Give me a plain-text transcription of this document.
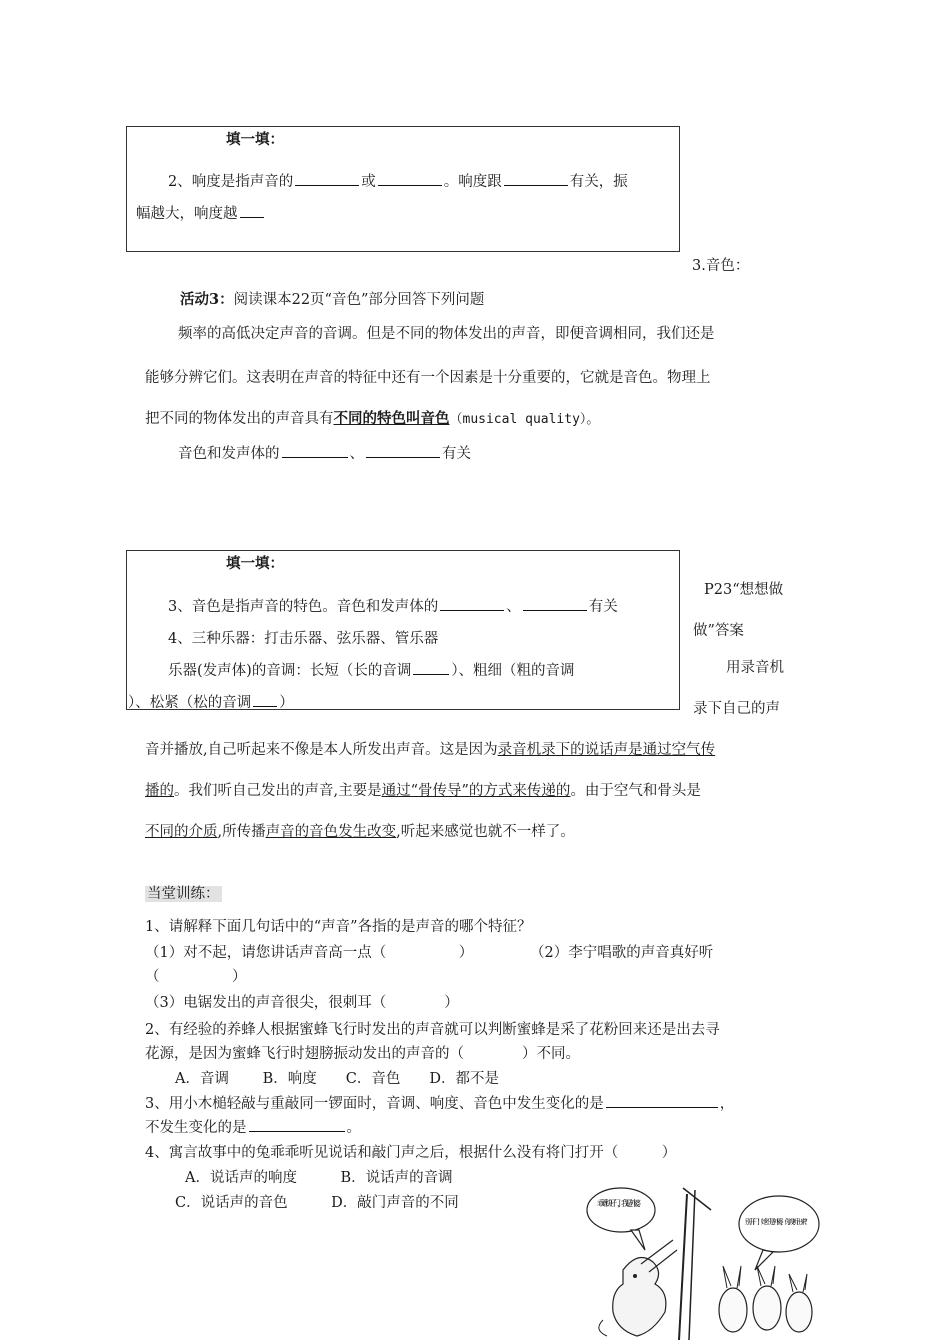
填一填：
2、响度是指声音的	或	。响度跟	有关，振
幅越大，响度越
3.音色：
活动3：阅读课本22页“音色”部分回答下列问题
频率的高低决定声音的音调。但是不同的物体发出的声音，即便音调相同，我们还是
能够分辨它们。这表明在声音的特征中还有一个因素是十分重要的，它就是音色。物理上
把不同的物体发出的声音具有不同的特色叫音色（musical quality）。
音色和发声体的	、	有关
填一填：
3、音色是指声音的特色。音色和发声体的	、	有关
4、三种乐器：打击乐器、弦乐器、管乐器
乐器(发声体)的音调：长短（长的音调	）、粗细（粗的音调
）、松紧（松的音调 ）
P23“想想做
做”答案
用录音机
录下自己的声
音并播放,自己听起来不像是本人所发出声音。这是因为录音机录下的说话声是通过空气传
播的。我们听自己发出的声音,主要是通过“骨传导”的方式来传递的。由于空气和骨头是
不同的介质,所传播声音的音色发生改变,听起来感觉也就不一样了。
当堂训练：
1、请解释下面几句话中的“声音”各指的是声音的哪个特征？
（1）对不起，请您讲话声音高一点（　　　　　）	（2）李宁唱歌的声音真好听
（　　　　　）
（3）电锯发出的声音很尖，很刺耳（　　　　）
2、有经验的养蜂人根据蜜蜂飞行时发出的声音就可以判断蜜蜂是采了花粉回来还是出去寻
花源，是因为蜜蜂飞行时翅膀振动发出的声音的（　　　　）不同。
A．音调　　 B．响度　　C．音色　　D．都不是
3、用小木槌轻敲与重敲同一锣面时，音调、响度、音色中发生变化的是	，
不发生变化的是	。
4、寓言故事中的兔乖乖听见说话和敲门声之后，根据什么没有将门打开（　　　）
A．说话声的响度　　　B．说话声的音调
C．说话声的音色　　　D．敲门声音的不同	乖乖快开门，我是外婆。
别开门！她不是外婆，你没听出来？
